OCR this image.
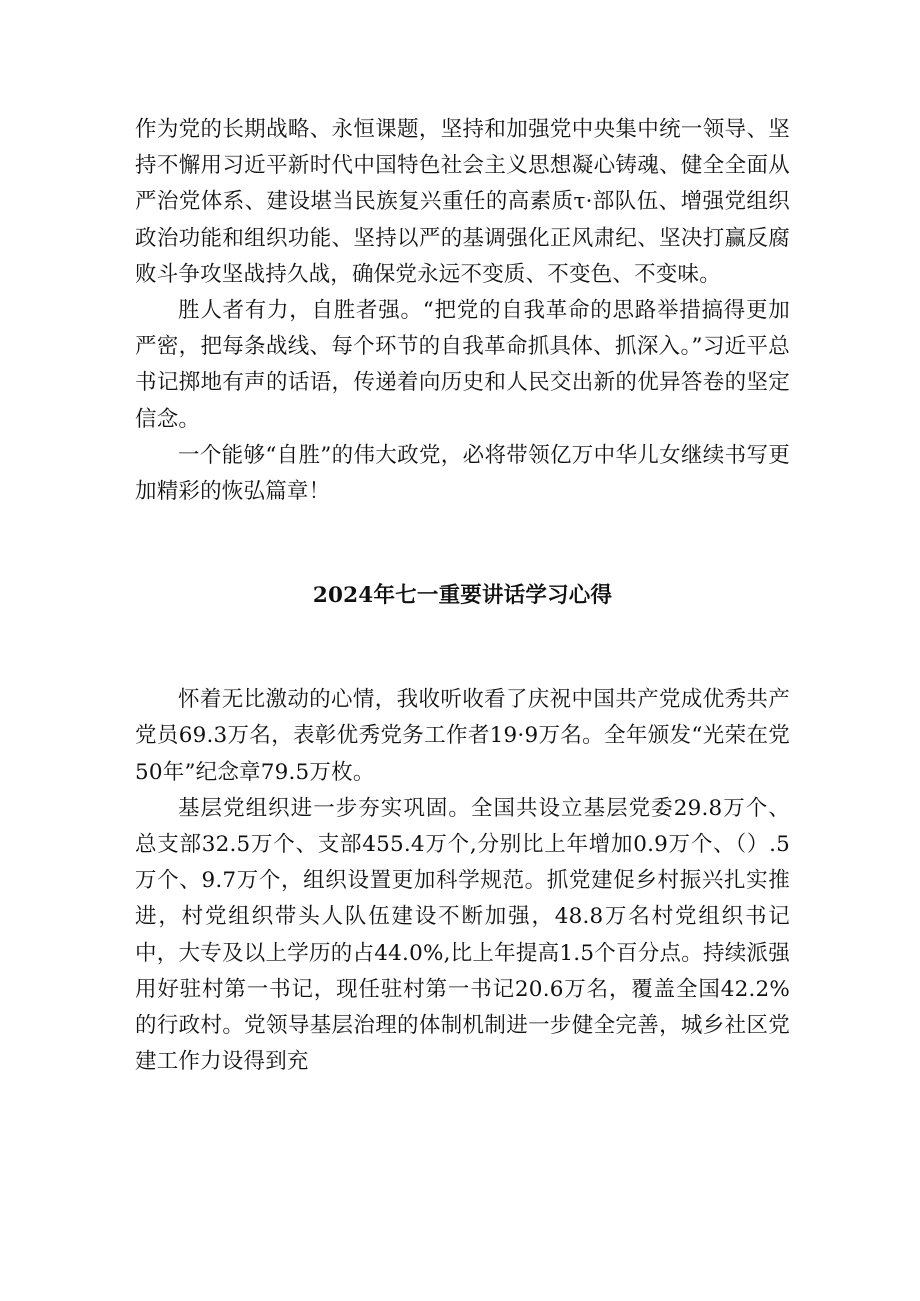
作为党的长期战略、永恒课题，坚持和加强党中央集中统一领导、坚持不懈用习近平新时代中国特色社会主义思想凝心铸魂、健全全面从严治党体系、建设堪当民族复兴重任的高素质τ·部队伍、增强党组织政治功能和组织功能、坚持以严的基调强化正风肃纪、坚决打赢反腐败斗争攻坚战持久战，确保党永远不变质、不变色、不变味。

胜人者有力，自胜者强。“把党的自我革命的思路举措搞得更加严密，把每条战线、每个环节的自我革命抓具体、抓深入。”习近平总书记掷地有声的话语，传递着向历史和人民交出新的优异答卷的坚定信念。

一个能够“自胜”的伟大政党，必将带领亿万中华儿女继续书写更加精彩的恢弘篇章！

2024年七一重要讲话学习心得

怀着无比激动的心情，我收听收看了庆祝中国共产党成优秀共产党员69.3万名，表彰优秀党务工作者19·9万名。全年颁发“光荣在党50年”纪念章79.5万枚。

基层党组织进一步夯实巩固。全国共设立基层党委29.8万个、总支部32.5万个、支部455.4万个,分别比上年增加0.9万个、（）.5万个、9.7万个，组织设置更加科学规范。抓党建促乡村振兴扎实推进，村党组织带头人队伍建设不断加强，48.8万名村党组织书记中，大专及以上学历的占44.0%,比上年提高1.5个百分点。持续派强用好驻村第一书记，现任驻村第一书记20.6万名，覆盖全国42.2%的行政村。党领导基层治理的体制机制进一步健全完善，城乡社区党建工作力设得到充
